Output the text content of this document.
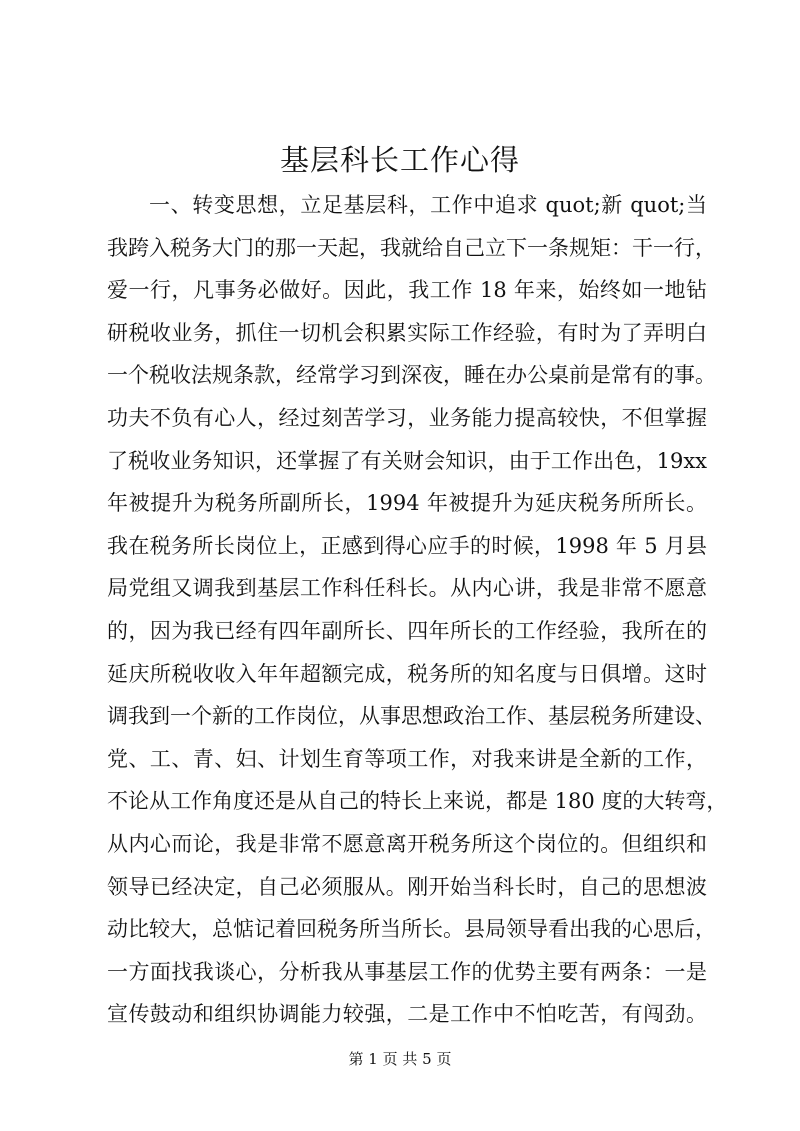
基层科长工作心得
一、转变思想，立足基层科，工作中追求 quot;新 quot;当
我跨入税务大门的那一天起，我就给自己立下一条规矩：干一行，
爱一行，凡事务必做好。因此，我工作 18 年来，始终如一地钻
研税收业务，抓住一切机会积累实际工作经验，有时为了弄明白
一个税收法规条款，经常学习到深夜，睡在办公桌前是常有的事。
功夫不负有心人，经过刻苦学习，业务能力提高较快，不但掌握
了税收业务知识，还掌握了有关财会知识，由于工作出色，19xx
年被提升为税务所副所长，1994 年被提升为延庆税务所所长。
我在税务所长岗位上，正感到得心应手的时候，1998 年 5 月县
局党组又调我到基层工作科任科长。从内心讲，我是非常不愿意
的，因为我已经有四年副所长、四年所长的工作经验，我所在的
延庆所税收收入年年超额完成，税务所的知名度与日俱增。这时
调我到一个新的工作岗位，从事思想政治工作、基层税务所建设、
党、工、青、妇、计划生育等项工作，对我来讲是全新的工作，
不论从工作角度还是从自己的特长上来说，都是 180 度的大转弯，
从内心而论，我是非常不愿意离开税务所这个岗位的。但组织和
领导已经决定，自己必须服从。刚开始当科长时，自己的思想波
动比较大，总惦记着回税务所当所长。县局领导看出我的心思后，
一方面找我谈心，分析我从事基层工作的优势主要有两条：一是
宣传鼓动和组织协调能力较强，二是工作中不怕吃苦，有闯劲。
第 1 页 共 5 页
